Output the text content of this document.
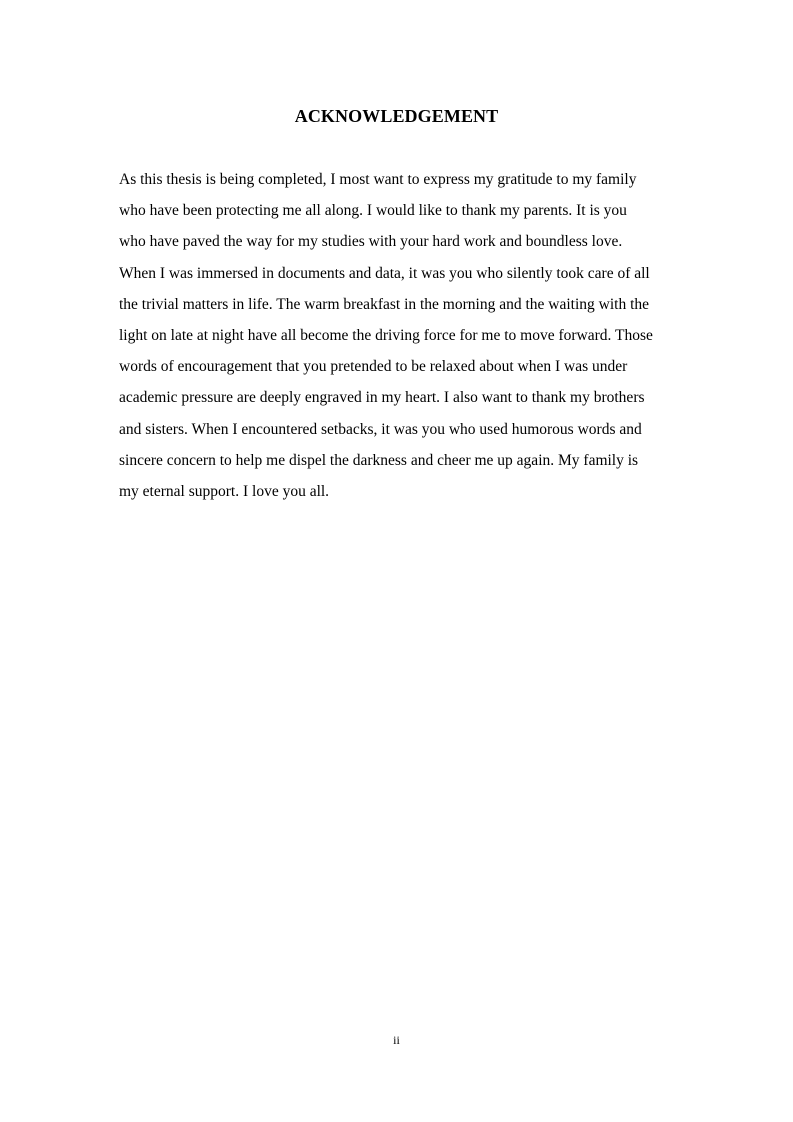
ACKNOWLEDGEMENT
As this thesis is being completed, I most want to express my gratitude to my family
who have been protecting me all along. I would like to thank my parents. It is you
who have paved the way for my studies with your hard work and boundless love.
When I was immersed in documents and data, it was you who silently took care of all
the trivial matters in life. The warm breakfast in the morning and the waiting with the
light on late at night have all become the driving force for me to move forward. Those
words of encouragement that you pretended to be relaxed about when I was under
academic pressure are deeply engraved in my heart. I also want to thank my brothers
and sisters. When I encountered setbacks, it was you who used humorous words and
sincere concern to help me dispel the darkness and cheer me up again. My family is
my eternal support. I love you all.
ii
